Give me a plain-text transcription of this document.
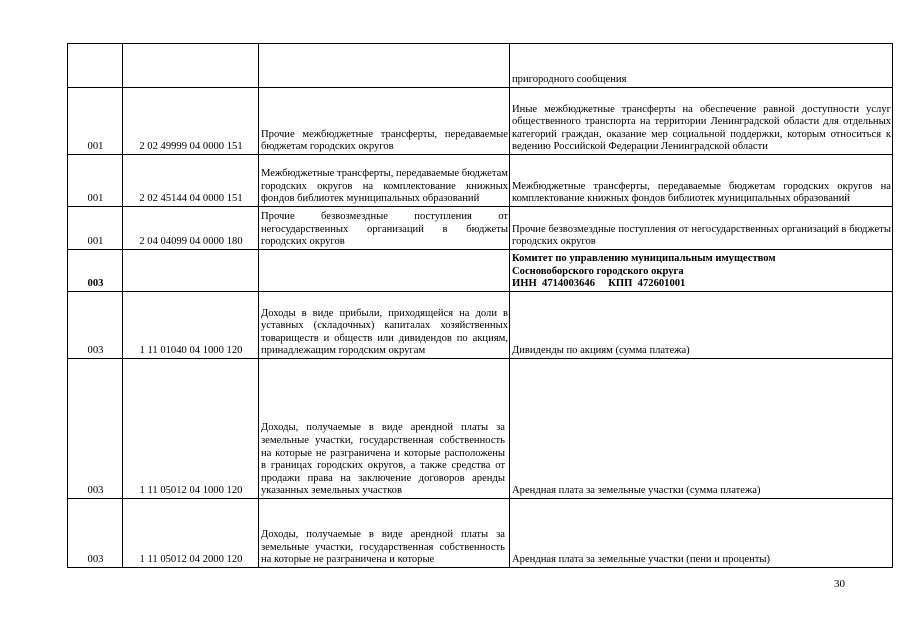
			пригородного сообщения
001	2 02 49999 04 0000 151	Прочие межбюджетные трансферты, передаваемые бюджетам городских округов	Иные межбюджетные трансферты на обеспечение равной доступности услуг общественного транспорта на территории Ленинградской области для отдельных категорий граждан, оказание мер социальной поддержки, которым относиться к ведению Российской Федерации Ленинградской области
001	2 02 45144 04 0000 151	Межбюджетные трансферты, передаваемые бюджетам городских округов на комплектование книжных фондов библиотек муниципальных образований	Межбюджетные трансферты, передаваемые бюджетам городских округов на комплектование книжных фондов библиотек муниципальных образований
001	2 04 04099 04 0000 180	Прочие безвозмездные поступления от негосударственных организаций в бюджеты городских округов	Прочие безвозмездные поступления от негосударственных организаций в бюджеты городских округов
003			Комитет по управлению муниципальным имуществом
Сосновоборского городского округа
ИНН  4714003646     КПП  472601001

003	1 11 01040 04 1000 120	Доходы в виде прибыли, приходящейся на доли в уставных (складочных) капиталах хозяйственных товариществ и обществ или дивидендов по акциям, принадлежащим городским округам	Дивиденды по акциям (сумма платежа)
003	1 11 05012 04 1000 120	Доходы, получаемые в виде арендной платы за земельные участки, государственная собственность на которые не разграничена и которые расположены в границах городских округов, а также средства от продажи права на заключение договоров аренды указанных земельных участков	Арендная плата за земельные участки (сумма платежа)
003	1 11 05012 04 2000 120	Доходы, получаемые в виде арендной платы за земельные участки, государственная собственность на которые не разграничена и которые	Арендная плата за земельные участки (пени и проценты)
30
